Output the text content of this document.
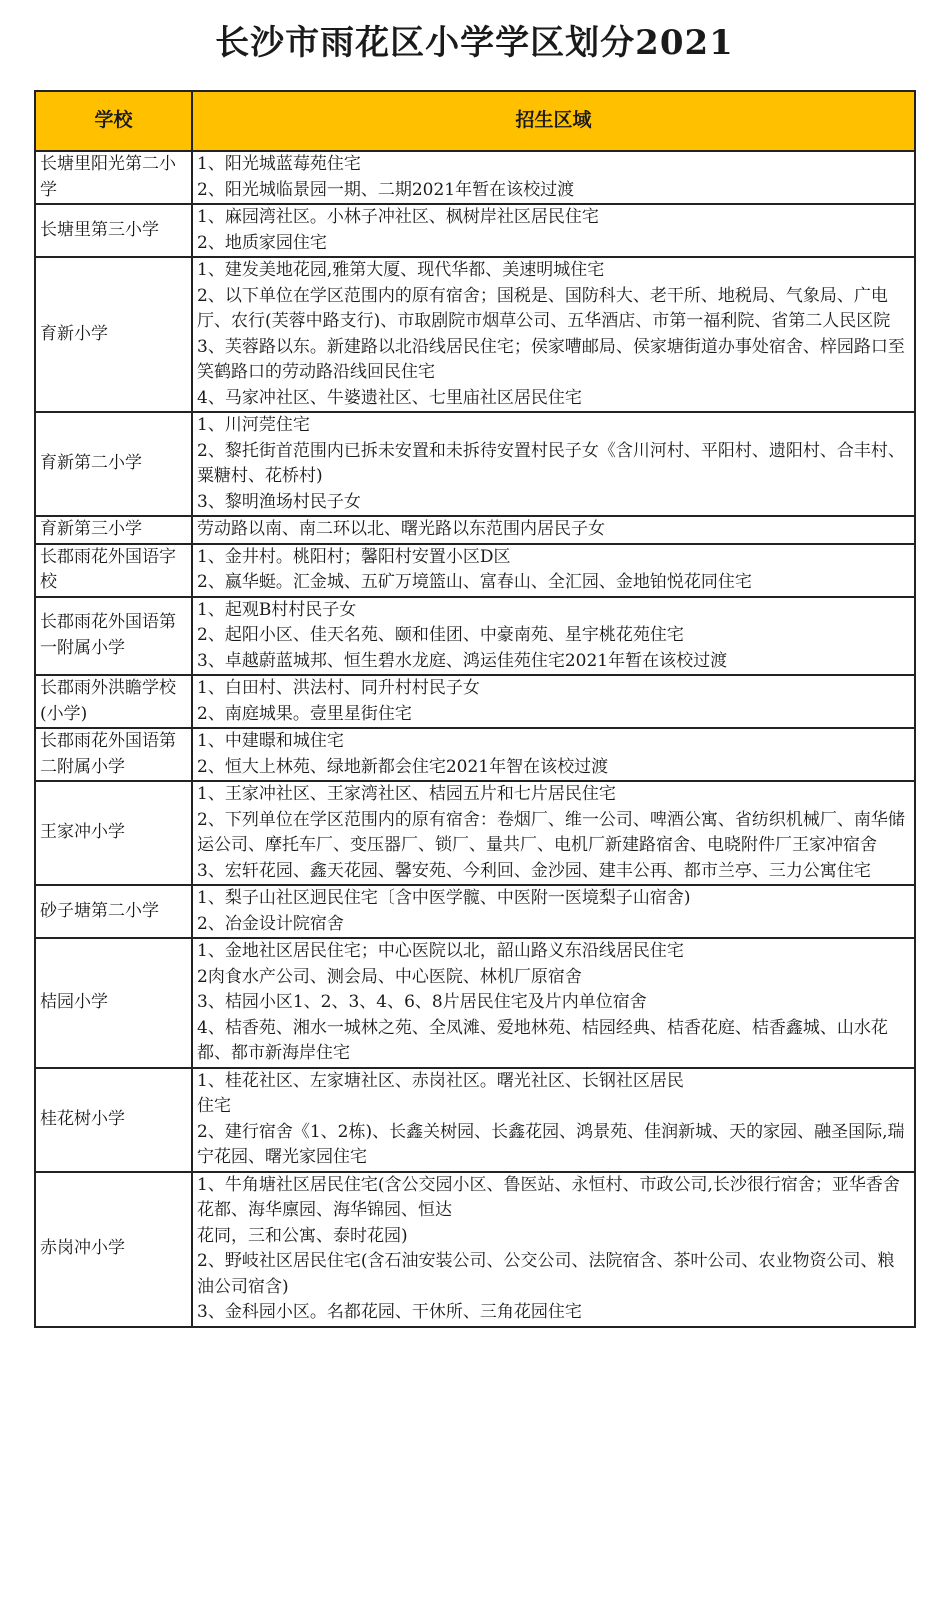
长沙市雨花区小学学区划分2021
学校	招生区域
长塘里阳光第二小学	1、阳光城蓝莓苑住宅
2、阳光城临景园一期、二期2021年暂在该校过渡

长塘里第三小学	1、麻园湾社区。小林子冲社区、枫树岸社区居民住宅
2、地质家园住宅

育新小学	1、建发美地花园,雅第大厦、现代华都、美速明城住宅
2、以下单位在学区范围内的原有宿舍；国税是、国防科大、老干所、地税局、气象局、广电厅、农行(芙蓉中路支行)、市取剧院市烟草公司、五华酒店、市第一福利院、省第二人民区院
3、芙蓉路以东。新建路以北沿线居民住宅；侯家嘈邮局、侯家塘街道办事处宿舍、梓园路口至笑鹤路口的劳动路沿线回民住宅
4、马家冲社区、牛婆遗社区、七里庙社区居民住宅

育新第二小学	1、川河莞住宅
2、黎托街首范围内已拆未安置和未拆待安置村民子女《含川河村、平阳村、遗阳村、合丰村、粟糖村、花桥村)
3、黎明渔场村民子女

育新第三小学	劳动路以南、南二环以北、曙光路以东范围内居民子女

长郡雨花外国语字校	1、金井村。桃阳村；馨阳村安置小区D区
2、嬴华蜓。汇金城、五矿万境篮山、富春山、全汇园、金地铂悦花同住宅

长郡雨花外国语第一附属小学	1、起观B村村民子女
2、起阳小区、佳天名苑、颐和佳团、中豪南苑、星宇桃花苑住宅
3、卓越蔚蓝城邦、恒生碧水龙庭、鸿运佳苑住宅2021年暂在该校过渡

长郡雨外洪瞻学校(小学)	1、白田村、洪法村、同升村村民子女
2、南庭城果。壹里星街住宅

长郡雨花外国语第二附属小学	1、中建暻和城住宅
2、恒大上林苑、绿地新都会住宅2021年智在该校过渡

王家冲小学	1、王家冲社区、王家湾社区、桔园五片和七片居民住宅
2、下列单位在学区范围内的原有宿舍：卷烟厂、维一公司、啤酒公寓、省纺织机械厂、南华储运公司、摩托车厂、变压器厂、锁厂、量共厂、电机厂新建路宿舍、电晓附件厂王家冲宿舍
3、宏轩花园、鑫天花园、馨安苑、今利回、金沙园、建丰公再、都市兰亭、三力公寓住宅

砂子塘第二小学	1、梨子山社区迥民住宅〔含中医学髋、中医附一医境梨子山宿舍)
2、冶金设计院宿舍

桔园小学	1、金地社区居民住宅；中心医院以北，韶山路义东沿线居民住宅
2肉食水产公司、测会局、中心医院、林机厂原宿舍
3、桔园小区1、2、3、4、6、8片居民住宅及片内单位宿舍
4、桔香苑、湘水一城林之苑、全凤滩、爱地林苑、桔园经典、桔香花庭、桔香鑫城、山水花都、都市新海岸住宅

桂花树小学	1、桂花社区、左家塘社区、赤岗社区。曙光社区、长钢社区居民
住宅
2、建行宿舍《1、2栋)、长鑫关树园、长鑫花园、鸿景苑、佳润新城、天的家园、融圣国际,瑞宁花园、曙光家园住宅

赤岗冲小学	1、牛角塘社区居民住宅(含公交园小区、鲁医站、永恒村、市政公司,长沙很行宿舍；亚华香舍花都、海华廪园、海华锦园、恒达
花同，三和公寓、泰时花园)
2、野岐社区居民住宅(含石油安装公司、公交公司、法院宿含、茶叶公司、农业物资公司、粮油公司宿含)
3、金科园小区。名都花园、干休所、三角花园住宅
